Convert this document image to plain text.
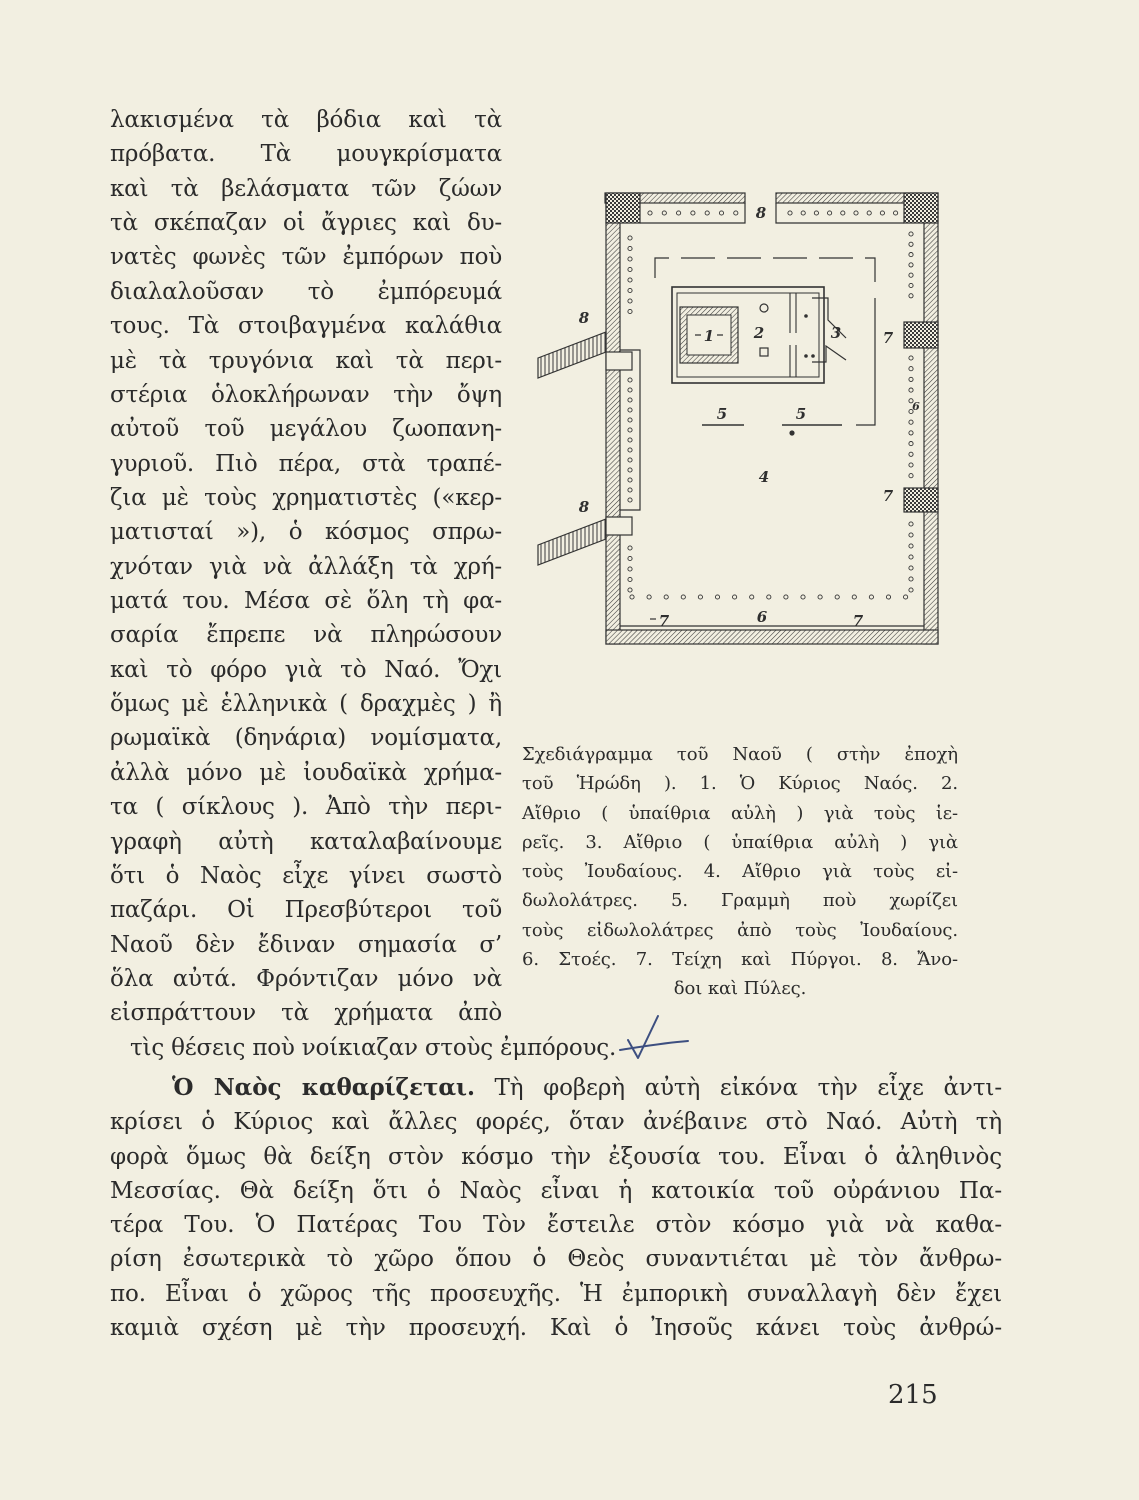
λακισμένα τὰ βόδια καὶ τὰ
πρόβατα. Τὰ μουγκρίσματα
καὶ τὰ βελάσματα τῶν ζώων
τὰ σκέπαζαν οἱ ἄγριες καὶ δυ-
νατὲς φωνὲς τῶν ἐμπόρων ποὺ
διαλαλοῦσαν τὸ ἐμπόρευμά
τους. Τὰ στοιβαγμένα καλάθια
μὲ τὰ τρυγόνια καὶ τὰ περι-
στέρια ὁλοκλήρωναν τὴν ὄψη
αὐτοῦ τοῦ μεγάλου ζωοπανη-
γυριοῦ. Πιὸ πέρα, στὰ τραπέ-
ζια μὲ τοὺς χρηματιστὲς («κερ-
ματισταί »), ὁ κόσμος σπρω-
χνόταν γιὰ νὰ ἀλλάξη τὰ χρή-
ματά του. Μέσα σὲ ὅλη τὴ φα-
σαρία ἔπρεπε νὰ πληρώσουν
καὶ τὸ φόρο γιὰ τὸ Ναό. Ὄχι
ὅμως μὲ ἑλληνικὰ ( δραχμὲς ) ἢ
ρωμαϊκὰ (δηνάρια) νομίσματα,
ἀλλὰ μόνο μὲ ἰουδαϊκὰ χρήμα-
τα ( σίκλους ). Ἀπὸ τὴν περι-
γραφὴ αὐτὴ καταλαβαίνουμε
ὅτι ὁ Ναὸς εἶχε γίνει σωστὸ
παζάρι. Οἱ Πρεσβύτεροι τοῦ
Ναοῦ δὲν ἔδιναν σημασία σ’
ὅλα αὐτά. Φρόντιζαν μόνο νὰ
εἰσπράττουν τὰ χρήματα ἀπὸ
τὶς θέσεις ποὺ νοίκιαζαν στοὺς ἐμπόρους.
1	2	3
4
5	5
6
6
7	7
7
7
8
8
8
Σχεδιάγραμμα τοῦ Ναοῦ ( στὴν ἐποχὴ
τοῦ Ἡρώδη ). 1. Ὁ Κύριος Ναός. 2.
Αἴθριο ( ὑπαίθρια αὐλὴ ) γιὰ τοὺς ἱε-
ρεῖς. 3. Αἴθριο ( ὑπαίθρια αὐλὴ ) γιὰ
τοὺς Ἰουδαίους. 4. Αἴθριο γιὰ τοὺς εἰ-
δωλολάτρες. 5. Γραμμὴ ποὺ χωρίζει
τοὺς εἰδωλολάτρες ἀπὸ τοὺς Ἰουδαίους.
6. Στοές. 7. Τείχη καὶ Πύργοι. 8. Ἄνο-
δοι καὶ Πύλες.
Ὁ Ναὸς καθαρίζεται. Τὴ φοβερὴ αὐτὴ εἰκόνα τὴν εἶχε ἀντι-
κρίσει ὁ Κύριος καὶ ἄλλες φορές, ὅταν ἀνέβαινε στὸ Ναό. Αὐτὴ τὴ
φορὰ ὅμως θὰ δείξη στὸν κόσμο τὴν ἐξουσία του. Εἶναι ὁ ἀληθινὸς
Μεσσίας. Θὰ δείξη ὅτι ὁ Ναὸς εἶναι ἡ κατοικία τοῦ οὐράνιου Πα-
τέρα Του. Ὁ Πατέρας Του Τὸν ἔστειλε στὸν κόσμο γιὰ νὰ καθα-
ρίση ἐσωτερικὰ τὸ χῶρο ὅπου ὁ Θεὸς συναντιέται μὲ τὸν ἄνθρω-
πο. Εἶναι ὁ χῶρος τῆς προσευχῆς. Ἡ ἐμπορικὴ συναλλαγὴ δὲν ἔχει
καμιὰ σχέση μὲ τὴν προσευχή. Καὶ ὁ Ἰησοῦς κάνει τοὺς ἀνθρώ-
215
